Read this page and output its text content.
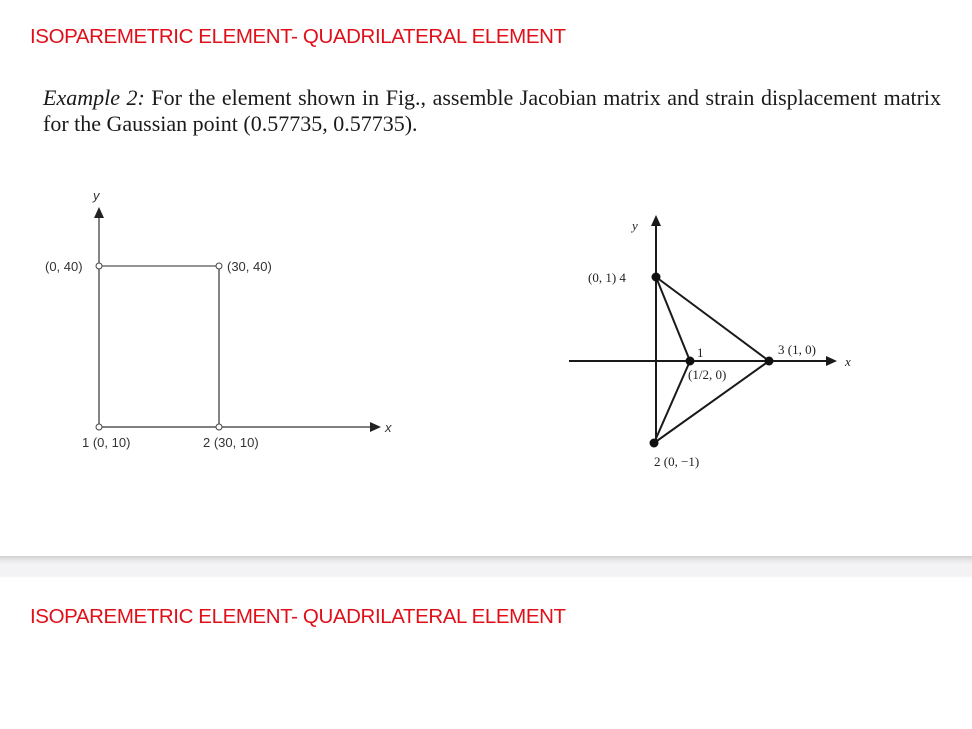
ISOPAREMETRIC ELEMENT- QUADRILATERAL ELEMENT
Example 2: For the element shown in Fig., assemble Jacobian matrix and strain displacement matrix for the Gaussian point (0.57735, 0.57735).
y
x
(0, 40)	(30, 40)
1 (0, 10)	2 (30, 10)
y
x
(0, 1) 4
1
(1/2, 0)
3 (1, 0)
2 (0, −1)
ISOPAREMETRIC ELEMENT- QUADRILATERAL ELEMENT
